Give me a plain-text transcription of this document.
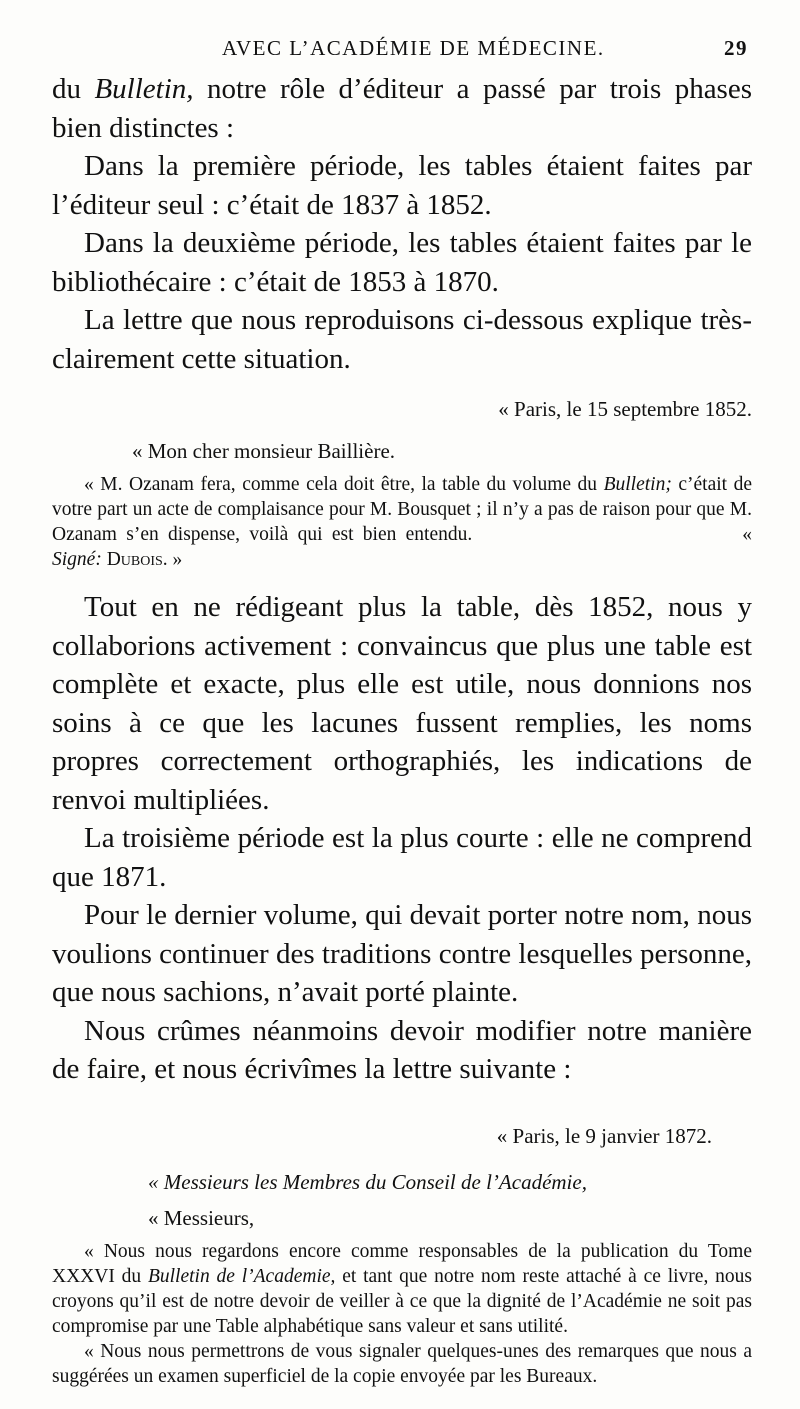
AVEC L’ACADÉMIE DE MÉDECINE.	29

du Bulletin, notre rôle d’éditeur a passé par trois phases bien distinctes :

Dans la première période, les tables étaient faites par l’éditeur seul : c’était de 1837 à 1852.

Dans la deuxième période, les tables étaient faites par le bibliothécaire : c’était de 1853 à 1870.

La lettre que nous reproduisons ci-dessous explique très-clairement cette situation.

« Paris, le 15 septembre 1852.

« Mon cher monsieur Baillière.

« M. Ozanam fera, comme cela doit être, la table du volume du Bulletin; c’était de votre part un acte de complaisance pour M. Bousquet ; il n’y a pas de raison pour que M. Ozanam s’en dispense, voilà qui est bien entendu.	« Signé: Dubois. »

Tout en ne rédigeant plus la table, dès 1852, nous y collaborions activement : convaincus que plus une table est complète et exacte, plus elle est utile, nous donnions nos soins à ce que les lacunes fussent remplies, les noms propres correctement orthographiés, les indications de renvoi multipliées.

La troisième période est la plus courte : elle ne comprend que 1871.

Pour le dernier volume, qui devait porter notre nom, nous voulions continuer des traditions contre lesquelles personne, que nous sachions, n’avait porté plainte.

Nous crûmes néanmoins devoir modifier notre manière de faire, et nous écrivîmes la lettre suivante :

« Paris, le 9 janvier 1872.

« Messieurs les Membres du Conseil de l’Académie,

« Messieurs,

« Nous nous regardons encore comme responsables de la publication du Tome XXXVI du Bulletin de l’Academie, et tant que notre nom reste attaché à ce livre, nous croyons qu’il est de notre devoir de veiller à ce que la dignité de l’Académie ne soit pas compromise par une Table alphabétique sans valeur et sans utilité.

« Nous nous permettrons de vous signaler quelques-unes des remarques que nous a suggérées un examen superficiel de la copie envoyée par les Bureaux.
